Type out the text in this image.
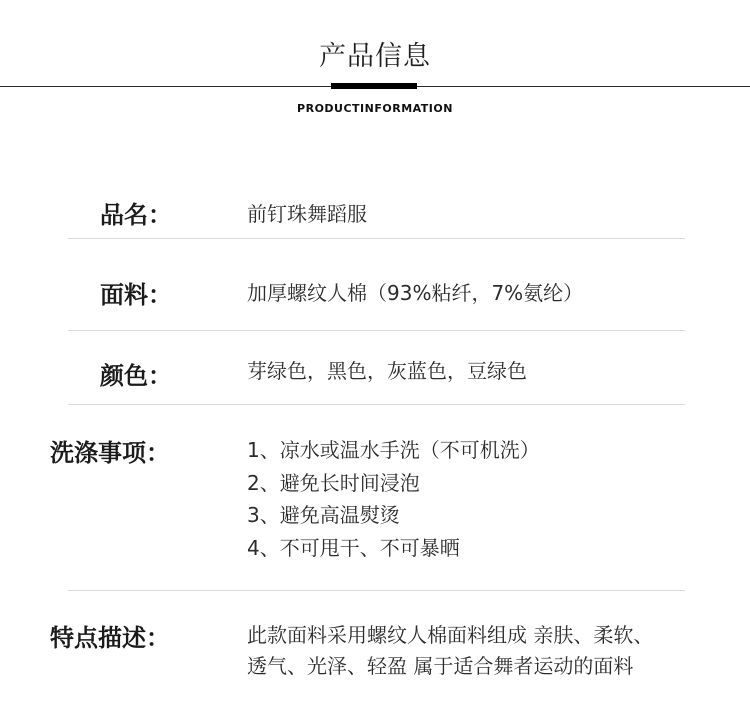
产品信息
PRODUCTINFORMATION
品名：	前钉珠舞蹈服
面料：	加厚螺纹人棉（93%粘纤，7%氨纶）
颜色：	芽绿色，黑色，灰蓝色，豆绿色
洗涤事项：	1、凉水或温水手洗（不可机洗）
2、避免长时间浸泡
3、避免高温熨烫
4、不可甩干、不可暴晒
特点描述：	此款面料采用螺纹人棉面料组成 亲肤、柔软、
透气、光泽、轻盈 属于适合舞者运动的面料
